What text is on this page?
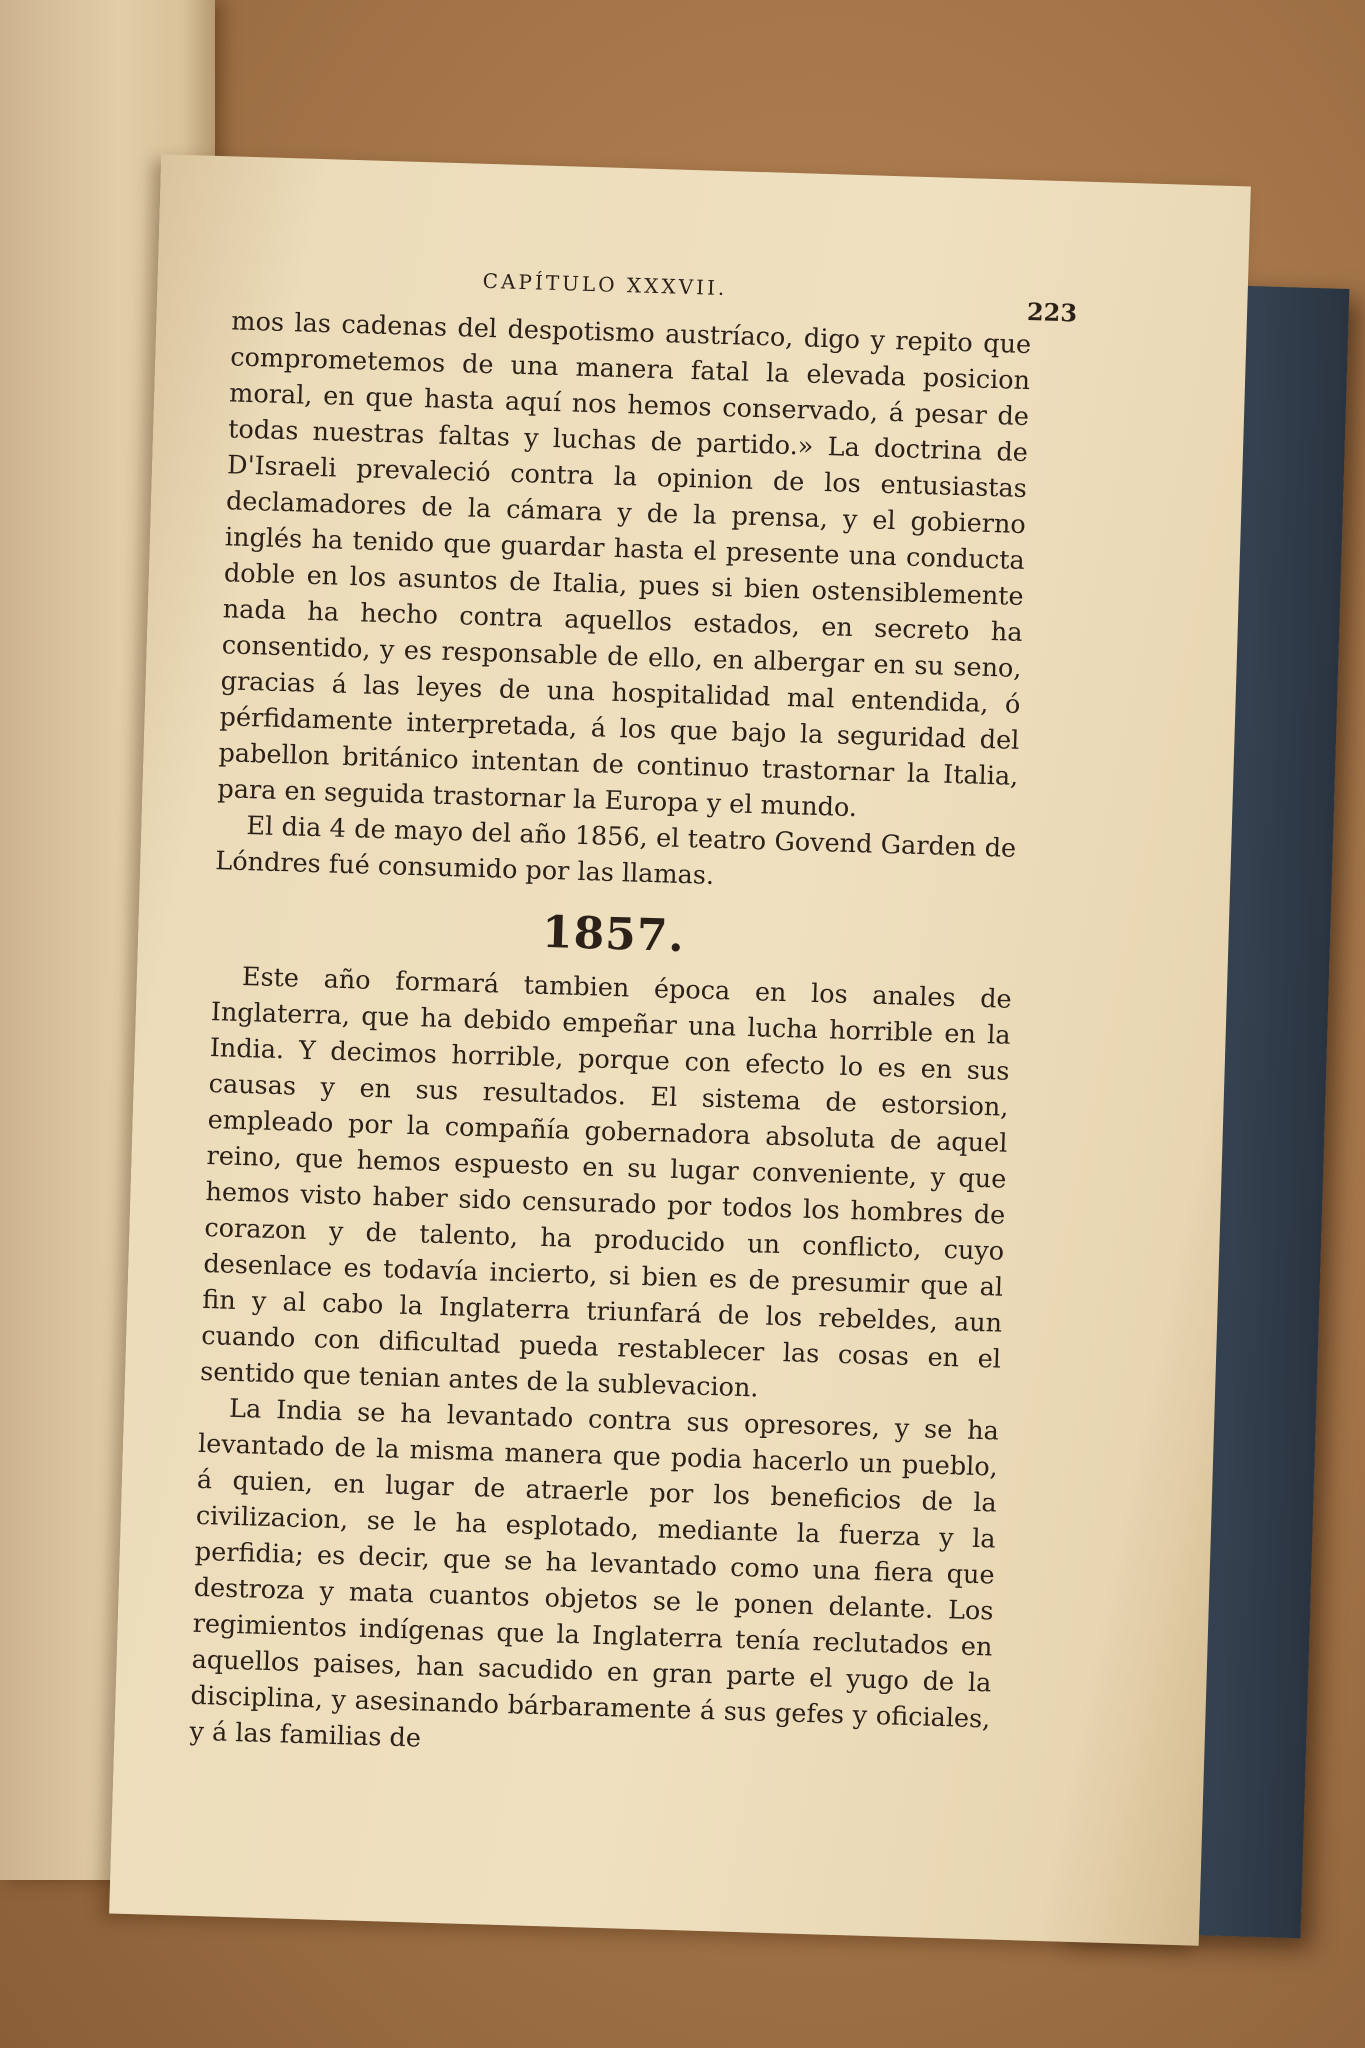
CAPÍTULO XXXVII.
223

mos las cadenas del despotismo austríaco, digo y repito que comprometemos de una manera fatal la elevada posicion moral, en que hasta aquí nos hemos conservado, á pesar de todas nuestras faltas y luchas de partido.» La doctrina de D'Israeli prevaleció contra la opinion de los entusiastas declamadores de la cámara y de la prensa, y el gobierno inglés ha tenido que guardar hasta el presente una conducta doble en los asuntos de Italia, pues si bien ostensiblemente nada ha hecho contra aquellos estados, en secreto ha consentido, y es responsable de ello, en albergar en su seno, gracias á las leyes de una hospitalidad mal entendida, ó pérfidamente interpretada, á los que bajo la seguridad del pabellon británico intentan de continuo trastornar la Italia, para en seguida trastornar la Europa y el mundo.

El dia 4 de mayo del año 1856, el teatro Govend Garden de Lóndres fué consumido por las llamas.

1857.

Este año formará tambien época en los anales de Inglaterra, que ha debido empeñar una lucha horrible en la India. Y decimos horrible, porque con efecto lo es en sus causas y en sus resultados. El sistema de estorsion, empleado por la compañía gobernadora absoluta de aquel reino, que hemos espuesto en su lugar conveniente, y que hemos visto haber sido censurado por todos los hombres de corazon y de talento, ha producido un conflicto, cuyo desenlace es todavía incierto, si bien es de presumir que al fin y al cabo la Inglaterra triunfará de los rebeldes, aun cuando con dificultad pueda restablecer las cosas en el sentido que tenian antes de la sublevacion.

La India se ha levantado contra sus opresores, y se ha levantado de la misma manera que podia hacerlo un pueblo, á quien, en lugar de atraerle por los beneficios de la civilizacion, se le ha esplotado, mediante la fuerza y la perfidia; es decir, que se ha levantado como una fiera que destroza y mata cuantos objetos se le ponen delante. Los regimientos indígenas que la Inglaterra tenía reclutados en aquellos paises, han sacudido en gran parte el yugo de la disciplina, y asesinando bárbaramente á sus gefes y oficiales, y á las familias de
